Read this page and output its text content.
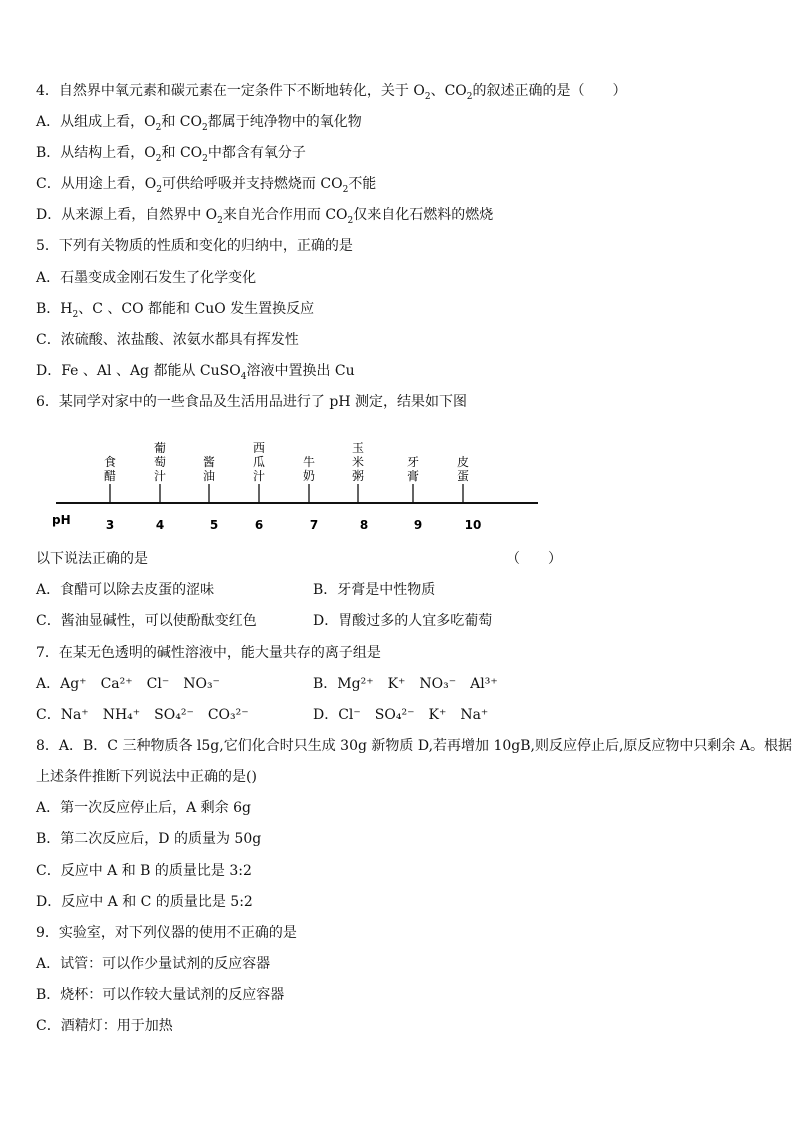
4．自然界中氧元素和碳元素在一定条件下不断地转化，关于 $O_2$、$CO_2$的叙述正确的是（　　）
A．从组成上看，$O_2$和 $CO_2$都属于纯净物中的氧化物
B．从结构上看，$O_2$和 $CO_2$中都含有氧分子
C．从用途上看，$O_2$可供给呼吸并支持燃烧而 $CO_2$不能
D．从来源上看，自然界中 $O_2$来自光合作用而 $CO_2$仅来自化石燃料的燃烧
5．下列有关物质的性质和变化的归纳中，正确的是
A．石墨变成金刚石发生了化学变化
B．$H_2$、C 、CO 都能和 CuO 发生置换反应
C．浓硫酸、浓盐酸、浓氨水都具有挥发性
D．Fe 、Al 、Ag 都能从 CuSO$_4$溶液中置换出 Cu
6．某同学对家中的一些食品及生活用品进行了 pH 测定，结果如下图
pH	3
食
醋
4
葡
萄
汁
5
酱
油
6
西
瓜
汁
7
牛
奶
8
玉
米
粥
9
牙
膏
10
皮
蛋
以下说法正确的是	（　　）
A．食醋可以除去皮蛋的涩味	B．牙膏是中性物质
C．酱油显碱性，可以使酚酞变红色	D．胃酸过多的人宜多吃葡萄
7．在某无色透明的碱性溶液中，能大量共存的离子组是
A．Ag⁺　Ca²⁺　Cl⁻　NO₃⁻	B．Mg²⁺　K⁺　NO₃⁻　Al³⁺
C．Na⁺　NH₄⁺　SO₄²⁻　CO₃²⁻	D．Cl⁻　SO₄²⁻　K⁺　Na⁺
8．A．B．C 三种物质各 l5g,它们化合时只生成 30g 新物质 D,若再增加 10gB,则反应停止后,原反应物中只剩余 A。根据
上述条件推断下列说法中正确的是()
A．第一次反应停止后，A 剩余 6g
B．第二次反应后，D 的质量为 50g
C．反应中 A 和 B 的质量比是 3:2
D．反应中 A 和 C 的质量比是 5:2
9．实验室，对下列仪器的使用不正确的是
A．试管：可以作少量试剂的反应容器
B．烧杯：可以作较大量试剂的反应容器
C．酒精灯：用于加热
